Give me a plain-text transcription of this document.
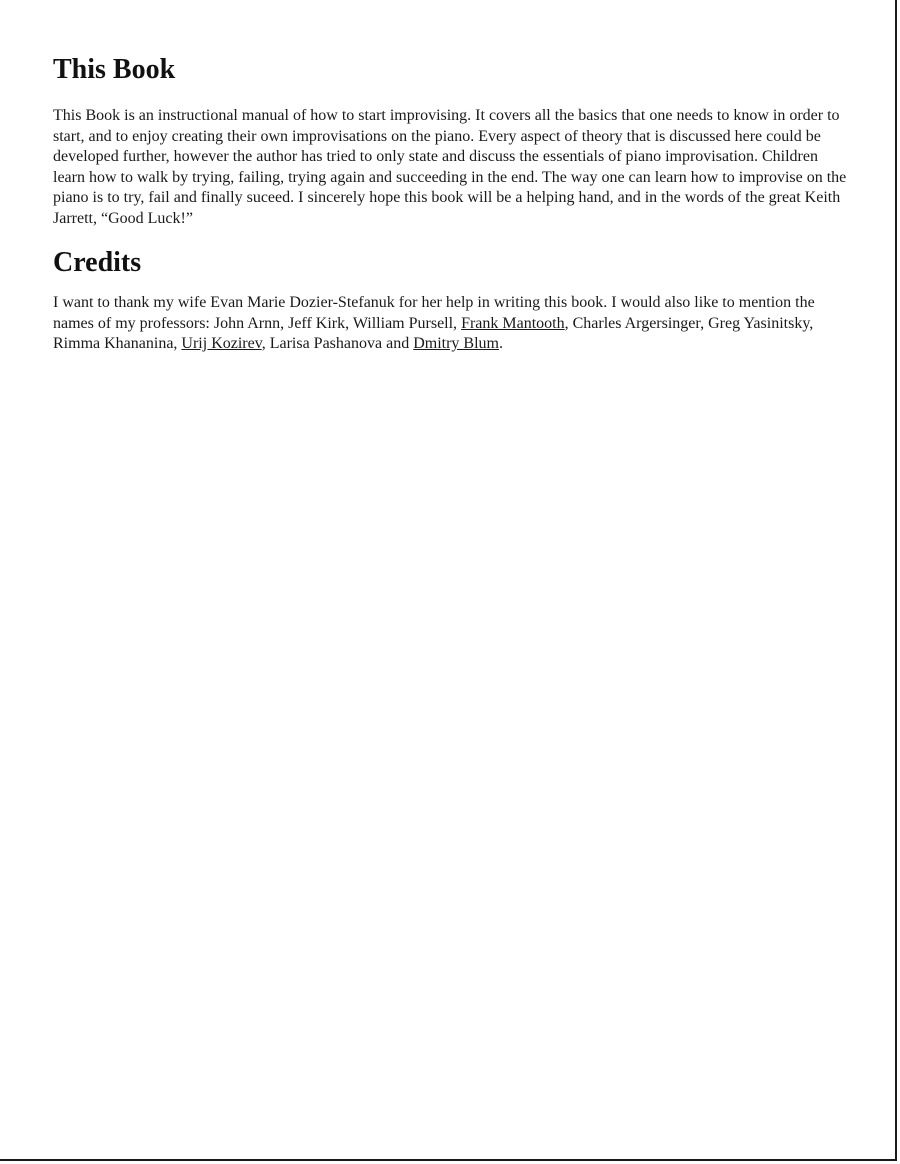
This Book

This Book is an instructional manual of how to start improvising. It covers all the basics that one needs to know in order to start, and to enjoy creating their own improvisations on the piano. Every aspect of theory that is discussed here could be developed further, however the author has tried to only state and discuss the essentials of piano improvisation. Children learn how to walk by trying, failing, trying again and succeeding in the end. The way one can learn how to improvise on the piano is to try, fail and finally suceed. I sincerely hope this book will be a helping hand, and in the words of the great Keith Jarrett, “Good Luck!”

Credits

I want to thank my wife Evan Marie Dozier-Stefanuk for her help in writing this book. I would also like to mention the names of my professors: John Arnn, Jeff Kirk, William Pursell, Frank Mantooth, Charles Argersinger, Greg Yasinitsky, Rimma Khananina, Urij Kozirev, Larisa Pashanova and Dmitry Blum.
